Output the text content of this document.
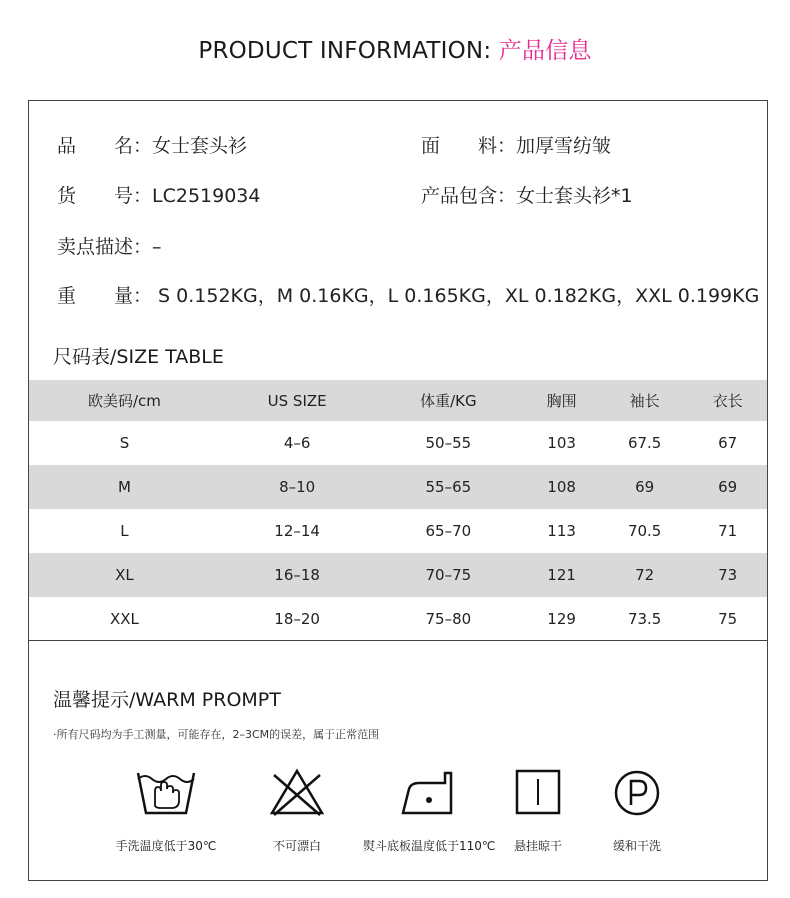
PRODUCT INFORMATION: 产品信息
品　　名：女士套头衫	面　　料：加厚雪纺皱
货　　号：LC2519034	产品包含：女士套头衫*1
卖点描述：–
重　　量： S 0.152KG，M 0.16KG，L 0.165KG，XL 0.182KG，XXL 0.199KG
尺码表/SIZE TABLE
欧美码/cm	US SIZE	体重/KG	胸围	袖长	衣长
S	4–6	50–55	103	67.5	67
M	8–10	55–65	108	69	69
L	12–14	65–70	113	70.5	71
XL	16–18	70–75	121	72	73
XXL	18–20	75–80	129	73.5	75
温馨提示/WARM PROMPT
·所有尺码均为手工测量，可能存在，2–3CM的误差，属于正常范围
手洗温度低于30℃	不可漂白	熨斗底板温度低于110℃	悬挂晾干	缓和干洗
